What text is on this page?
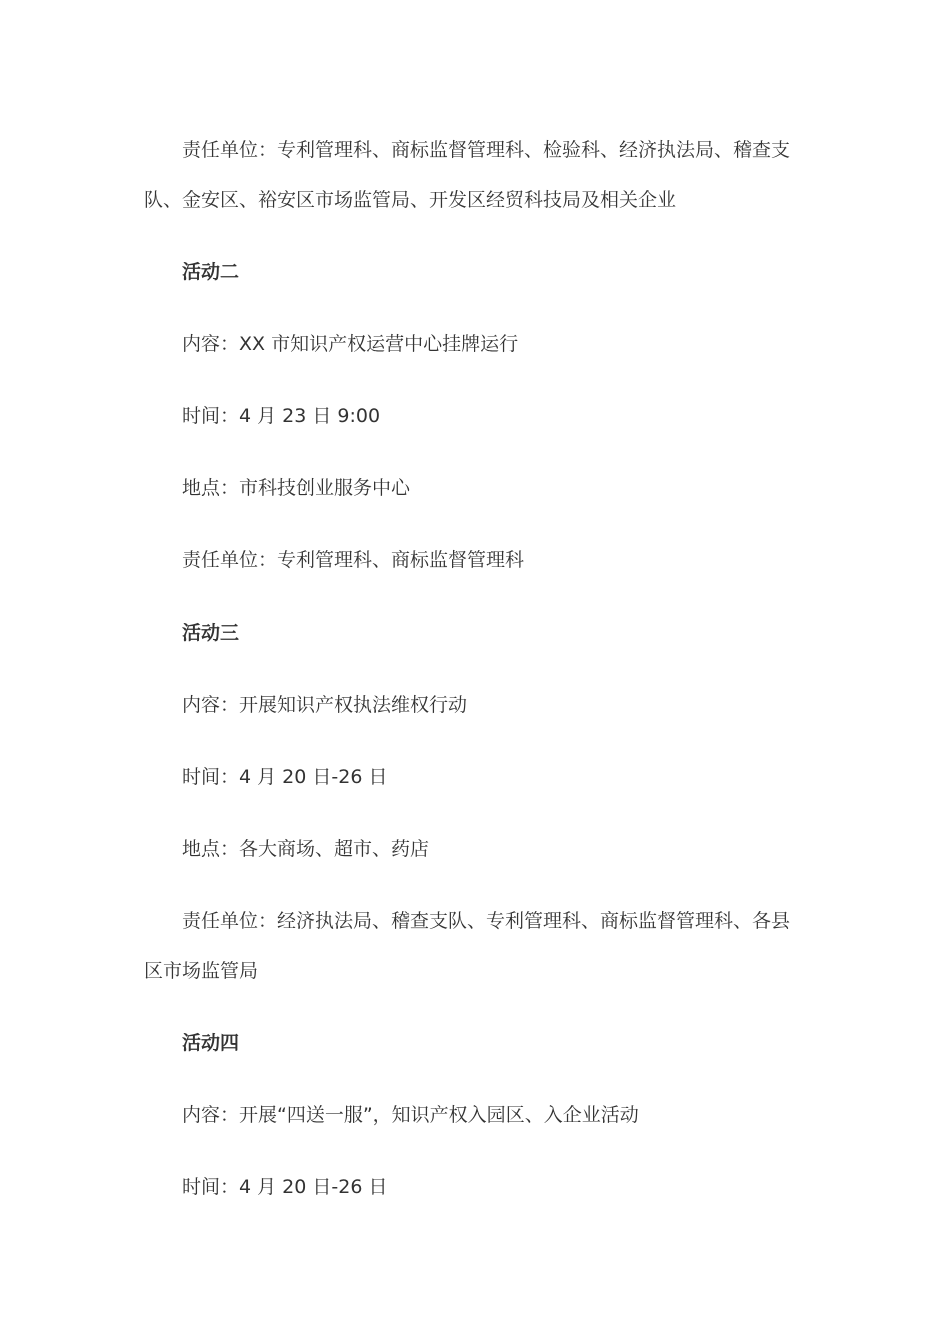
责任单位：专利管理科、商标监督管理科、检验科、经济执法局、稽查支
队、金安区、裕安区市场监管局、开发区经贸科技局及相关企业
活动二
内容：XX 市知识产权运营中心挂牌运行
时间：4 月 23 日 9:00
地点：市科技创业服务中心
责任单位：专利管理科、商标监督管理科
活动三
内容：开展知识产权执法维权行动
时间：4 月 20 日-26 日
地点：各大商场、超市、药店
责任单位：经济执法局、稽查支队、专利管理科、商标监督管理科、各县
区市场监管局
活动四
内容：开展“四送一服”，知识产权入园区、入企业活动
时间：4 月 20 日-26 日
